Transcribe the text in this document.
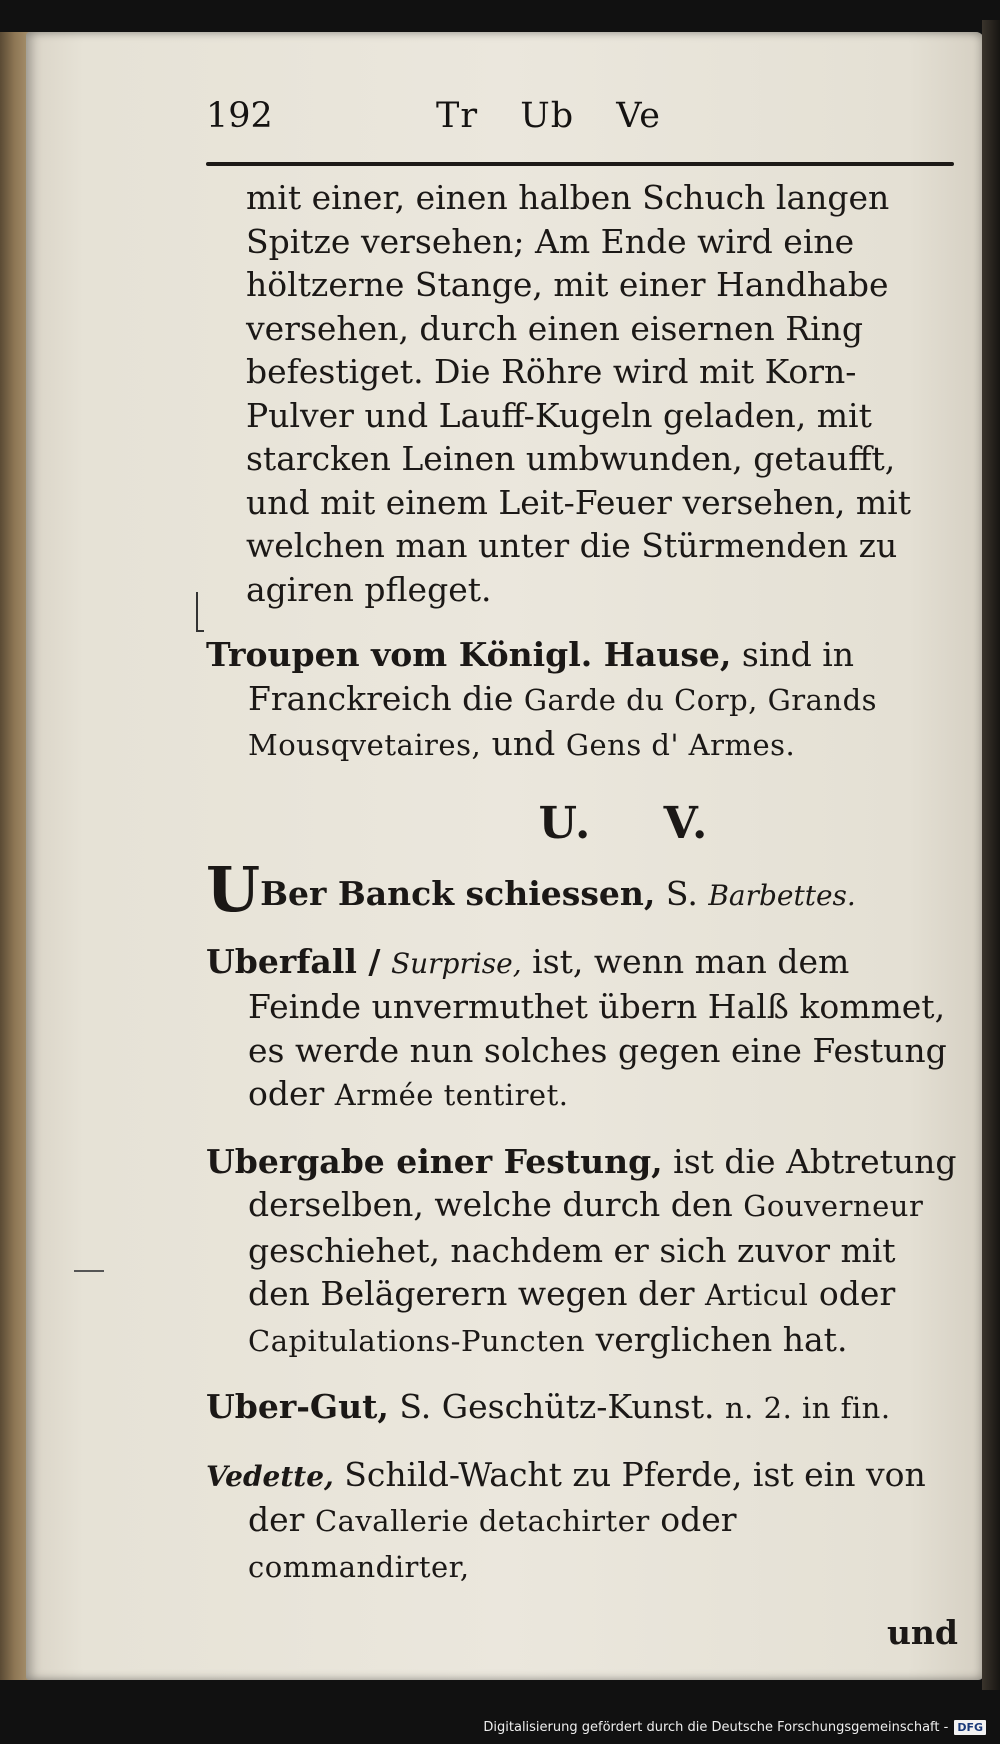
192	Tr Ub Ve

mit einer, einen halben Schuch langen Spitze versehen; Am Ende wird eine höltzerne Stange, mit einer Handhabe versehen, durch einen eisernen Ring befestiget. Die Röhre wird mit Korn-Pulver und Lauff-Kugeln geladen, mit starcken Leinen umbwunden, getaufft, und mit einem Leit-Feuer versehen, mit welchen man unter die Stürmenden zu agiren pfleget.

Troupen vom Königl. Hause, sind in Franckreich die Garde du Corp, Grands Mousqvetaires, und Gens d' Armes.

U. V.

UBer Banck schiessen, S. Barbettes.

Uberfall / Surprise, ist, wenn man dem Feinde unvermuthet übern Halß kommet, es werde nun solches gegen eine Festung oder Armée tentiret.

Ubergabe einer Festung, ist die Abtretung derselben, welche durch den Gouverneur geschiehet, nachdem er sich zuvor mit den Belägerern wegen der Articul oder Capitulations-Puncten verglichen hat.

Uber-Gut, S. Geschütz-Kunst. n. 2. in fin.

Vedette, Schild-Wacht zu Pferde, ist ein von der Cavallerie detachirter oder commandirter,

und
Digitalisierung gefördert durch die Deutsche Forschungsgemeinschaft - DFG
